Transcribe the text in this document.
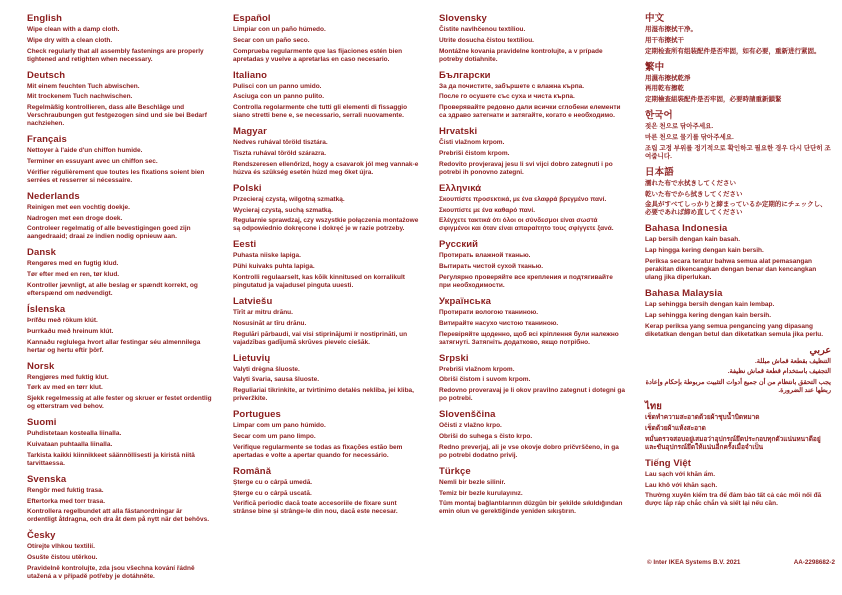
English

Wipe clean with a damp cloth.

Wipe dry with a clean cloth.

Check regularly that all assembly fastenings are properly tightened and retighten when necessary.

Deutsch

Mit einem feuchten Tuch abwischen.

Mit trockenem Tuch nachwischen.

Regelmäßig kontrollieren, dass alle Beschläge und Verschraubungen gut festgezogen sind und sie bei Bedarf nachziehen.

Français

Nettoyer à l'aide d'un chiffon humide.

Terminer en essuyant avec un chiffon sec.

Vérifier régulièrement que toutes les fixations soient bien serrées et resserrer si nécessaire.

Nederlands

Reinigen met een vochtig doekje.

Nadrogen met een droge doek.

Controleer regelmatig of alle bevestigingen goed zijn aangedraaid; draai ze indien nodig opnieuw aan.

Dansk

Rengøres med en fugtig klud.

Tør efter med en ren, tør klud.

Kontroller jævnligt, at alle beslag er spændt korrekt, og efterspænd om nødvendigt.

Íslenska

Þrífðu með rökum klút.

Þurrkaðu með hreinum klút.

Kannaðu reglulega hvort allar festingar séu almennilega hertar og hertu eftir þörf.

Norsk

Rengjøres med fuktig klut.

Tørk av med en tørr klut.

Sjekk regelmessig at alle fester og skruer er festet ordentlig og etterstram ved behov.

Suomi

Puhdistetaan kostealla liinalla.

Kuivataan puhtaalla liinalla.

Tarkista kaikki kiinnikkeet säännöllisesti ja kiristä niitä tarvittaessa.

Svenska

Rengör med fuktig trasa.

Eftertorka med torr trasa.

Kontrollera regelbundet att alla fästanordningar är ordentligt åtdragna, och dra åt dem på nytt när det behövs.

Česky

Otírejte vlhkou textilií.

Osušte čistou utěrkou.

Pravidelně kontrolujte, zda jsou všechna kování řádně utažená a v případě potřeby je dotáhněte.

Español

Limpiar con un paño húmedo.

Secar con un paño seco.

Comprueba regularmente que las fijaciones estén bien apretadas y vuelve a apretarlas en caso necesario.

Italiano

Pulisci con un panno umido.

Asciuga con un panno pulito.

Controlla regolarmente che tutti gli elementi di fissaggio siano stretti bene e, se necessario, serrali nuovamente.

Magyar

Nedves ruhával töröld tisztára.

Tiszta ruhával töröld szárazra.

Rendszeresen ellenőrizd, hogy a csavarok jól meg vannak-e húzva és szükség esetén húzd meg őket újra.

Polski

Przecieraj czystą, wilgotną szmatką.

Wycieraj czystą, suchą szmatką.

Regularnie sprawdzaj, czy wszystkie połączenia montażowe są odpowiednio dokręcone i dokręć je w razie potrzeby.

Eesti

Puhasta niiske lapiga.

Pühi kuivaks puhta lapiga.

Kontrolli regulaarselt, kas kõik kinnitused on korralikult pingutatud ja vajadusel pinguta uuesti.

Latviešu

Tīrīt ar mitru drānu.

Nosusināt ar tīru drānu.

Regulāri pārbaudi, vai visi stiprinājumi ir nostiprināti, un vajadzības gadījumā skrūves pievelc ciešāk.

Lietuvių

Valyti drėgna šluoste.

Valyti švaria, sausa šluoste.

Reguliariai tikrinkite, ar tvirtinimo detalės nekliba, jei kliba, priveržkite.

Portugues

Limpar com um pano húmido.

Secar com um pano limpo.

Verifique regularmente se todas as fixações estão bem apertadas e volte a apertar quando for necessário.

Română

Șterge cu o cârpă umedă.

Șterge cu o cârpă uscată.

Verifică periodic dacă toate accesoriile de fixare sunt strânse bine și strânge-le din nou, dacă este necesar.

Slovensky

Čistite navlhčenou textíliou.

Utrite dosucha čistou textíliou.

Montážne kovania pravidelne kontrolujte, a v prípade potreby dotiahnite.

Български

За да почистите, забършете с влажна кърпа.

После го осушете със суха и чиста кърпа.

Проверявайте редовно дали всички сглобени елементи са здраво затегнати и затягайте, когато е необходимо.

Hrvatski

Čisti vlažnom krpom.

Prebriši čistom krpom.

Redovito provjeravaj jesu li svi vijci dobro zategnuti i po potrebi ih ponovno zategni.

Ελληνικά

Σκουπίστε προσεκτικά, με ένα ελαφρά βρεγμένο πανί.

Σκουπίστε με ένα καθαρό πανί.

Ελέγχετε τακτικά ότι όλοι οι σύνδεσμοι είναι σωστά σφιγμένοι και όταν είναι απαραίτητο τους σφίγγετε ξανά.

Русский

Протирать влажной тканью.

Вытирать чистой сухой тканью.

Регулярно проверяйте все крепления и подтягивайте при необходимости.

Українська

Протирати вологою тканиною.

Витирайте насухо чистою тканиною.

Перевіряйте щоденно, щоб всі кріплення були належно затягнуті. Затягніть додатково, якщо потрібно.

Srpski

Prebriši vlažnom krpom.

Obriši čistom i suvom krpom.

Redovno proveravaj je li okov pravilno zategnut i dotegni ga po potrebi.

Slovenščina

Očisti z vlažno krpo.

Obriši do suhega s čisto krpo.

Redno preverjaj, ali je vse okovje dobro pričvrščeno, in ga po potrebi dodatno privij.

Türkçe

Nemli bir bezle silinir.

Temiz bir bezle kurulayınız.

Tüm montaj bağlantılarının düzgün bir şekilde sıkıldığından emin olun ve gerektiğinde yeniden sıkıştırın.

中文

用湿布擦拭干净。

用干布擦拭干

定期检查所有组装配件是否牢固，如有必要，重新进行紧固。

繁中

用濕布擦拭乾淨

再用乾布擦乾

定期檢查組裝配件是否牢固，必要時請重新鎖緊

한국어

젖은 천으로 닦아주세요.

마른 천으로 물기를 닦아주세요.

조립 고정 부위를 정기적으로 확인하고 필요한 경우 다시 단단히 조여줍니다.

日本語

濡れた布で水拭きしてください

乾いた布でから拭きしてください

金具がすべてしっかりと締まっているか定期的にチェックし、必要であれば締め直してください

Bahasa Indonesia

Lap bersih dengan kain basah.

Lap hingga kering dengan kain bersih.

Periksa secara teratur bahwa semua alat pemasangan perakitan dikencangkan dengan benar dan kencangkan ulang jika diperlukan.

Bahasa Malaysia

Lap sehingga bersih dengan kain lembap.

Lap sehingga kering dengan kain bersih.

Kerap periksa yang semua pengancing yang dipasang diketatkan dengan betul dan diketatkan semula jika perlu.

عربي

التنظيف بقطعة قماش مبللة.

التجفيف باستخدام قطعة قماش نظيفة.

يجب التحقق بانتظام من أن جميع أدوات التثبيت مربوطة بإحكام وإعادة ربطها عند الضرورة.

ไทย

เช็ดทำความสะอาดด้วยผ้าชุบน้ำบิดหมาด

เช็ดด้วยผ้าแห้งสะอาด

หมั่นตรวจสอบอยู่เสมอว่าอุปกรณ์ยึดประกอบทุกตัวแน่นหนาดีอยู่ และขันอุปกรณ์ยึดให้แน่นอีกครั้งเมื่อจำเป็น

Tiếng Việt

Lau sạch với khăn ẩm.

Lau khô với khăn sạch.

Thường xuyên kiểm tra để đảm bảo tất cả các mối nối đã được lắp ráp chắc chắn và siết lại nếu cần.

© Inter IKEA Systems B.V. 2021	AA-2298682-2
